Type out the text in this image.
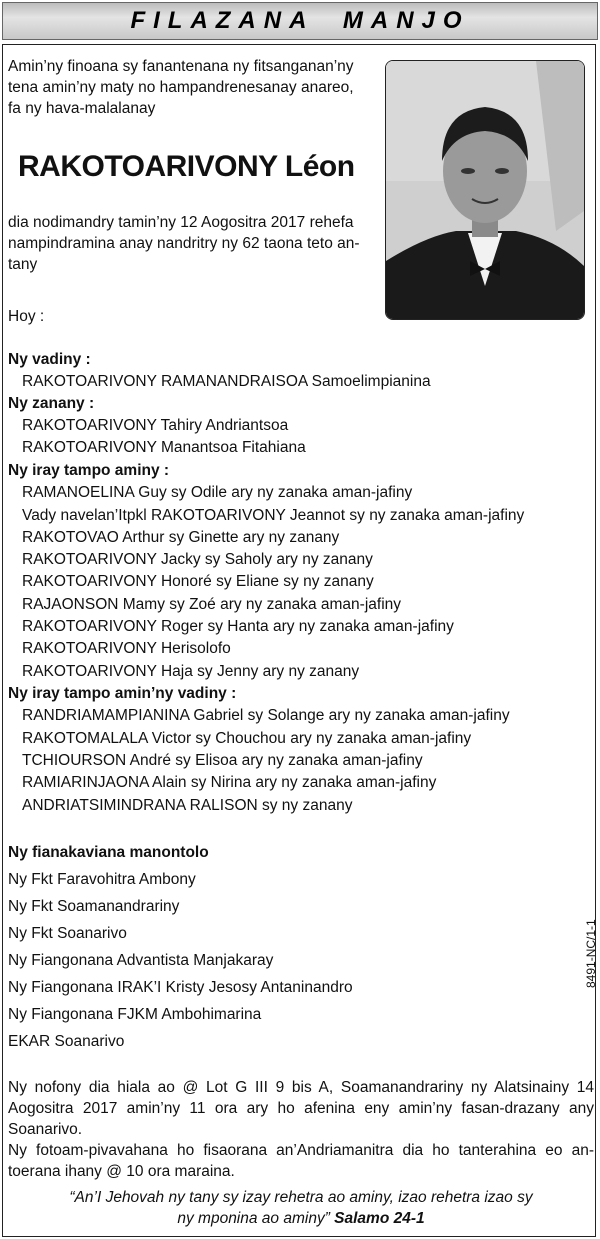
FILAZANA  MANJO
Amin’ny finoana sy fanantenana ny fitsanganan’ny
tena amin’ny maty no hampandrenesanay anareo,
fa ny hava-malalanay
RAKOTOARIVONY Léon
dia nodimandry tamin’ny 12 Aogositra 2017 rehefa
nampindramina anay nandritry ny 62 taona teto an-
tany
Hoy :
Ny vadiny :
RAKOTOARIVONY RAMANANDRAISOA Samoelimpianina
Ny zanany :
RAKOTOARIVONY Tahiry Andriantsoa
RAKOTOARIVONY Manantsoa Fitahiana
Ny iray tampo aminy :
RAMANOELINA Guy sy Odile ary ny zanaka aman-jafiny
Vady navelan’Itpkl RAKOTOARIVONY Jeannot sy ny zanaka aman-jafiny
RAKOTOVAO Arthur sy Ginette ary ny zanany
RAKOTOARIVONY Jacky sy Saholy ary ny zanany
RAKOTOARIVONY Honoré sy Eliane sy ny zanany
RAJAONSON Mamy sy Zoé ary ny zanaka aman-jafiny
RAKOTOARIVONY Roger sy Hanta ary ny zanaka aman-jafiny
RAKOTOARIVONY Herisolofo
RAKOTOARIVONY Haja sy Jenny ary ny zanany
Ny iray tampo amin’ny vadiny :
RANDRIAMAMPIANINA Gabriel sy Solange ary ny zanaka aman-jafiny
RAKOTOMALALA Victor sy Chouchou ary ny zanaka aman-jafiny
TCHIOURSON André sy Elisoa ary ny zanaka aman-jafiny
RAMIARINJAONA Alain sy Nirina ary ny zanaka aman-jafiny
ANDRIATSIMINDRANA RALISON sy ny zanany
Ny fianakaviana manontolo
Ny Fkt Faravohitra Ambony
Ny Fkt Soamanandrariny
Ny Fkt Soanarivo
Ny Fiangonana Advantista Manjakaray
Ny Fiangonana IRAK’I Kristy Jesosy Antaninandro
Ny Fiangonana FJKM Ambohimarina
EKAR Soanarivo
8491-NC/1-1
Ny nofony dia hiala ao @ Lot G III 9 bis A, Soamanandrariny ny Alatsinainy 14 Aogositra 2017 amin’ny 11 ora ary ho afenina eny amin’ny fasan-drazany any Soanarivo.
Ny fotoam-pivavahana ho fisaorana an’Andriamanitra dia ho tanterahina eo an-toerana ihany @ 10 ora maraina.
“An’I Jehovah ny tany sy izay rehetra ao aminy, izao rehetra izao sy
ny mponina ao aminy” Salamo 24-1
